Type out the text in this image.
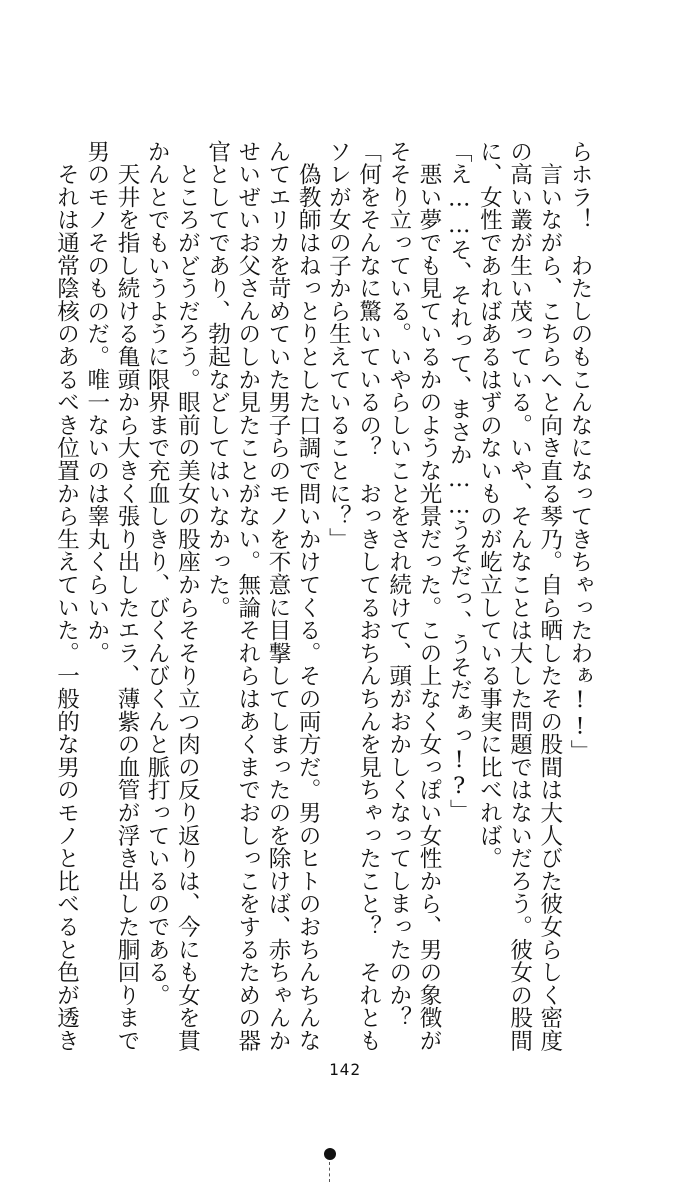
らホラ！　わたしのもこんなになってきちゃったわぁ!!」
　言いながら、こちらへと向き直る琴乃。自ら晒したその股間は大人びた彼女らしく密度
の高い叢が生い茂っている。いや、そんなことは大した問題ではないだろう。彼女の股間
に、女性であればあるはずのないものが屹立している事実に比べれば。
「え……そ、それって、まさか……うそだっ、うそだぁっ!?」
　悪い夢でも見ているかのような光景だった。この上なく女っぽい女性から、男の象徴が
そそり立っている。いやらしいことをされ続けて、頭がおかしくなってしまったのか？
「何をそんなに驚いているの？　おっきしてるおちんちんを見ちゃったこと？　それとも
ソレが女の子から生えていることに？」
　偽教師はねっとりとした口調で問いかけてくる。その両方だ。男のヒトのおちんちんな
んてエリカを苛めていた男子らのモノを不意に目撃してしまったのを除けば、赤ちゃんか
せいぜいお父さんのしか見たことがない。無論それらはあくまでおしっこをするための器
官としてであり、勃起などしてはいなかった。
　ところがどうだろう。眼前の美女の股座からそそり立つ肉の反り返りは、今にも女を貫
かんとでもいうように限界まで充血しきり、びくんびくんと脈打っているのである。
　天井を指し続ける亀頭から大きく張り出したエラ、薄紫の血管が浮き出した胴回りまで
男のモノそのものだ。唯一ないのは睾丸くらいか。
　それは通常陰核のあるべき位置から生えていた。一般的な男のモノと比べると色が透き
142
